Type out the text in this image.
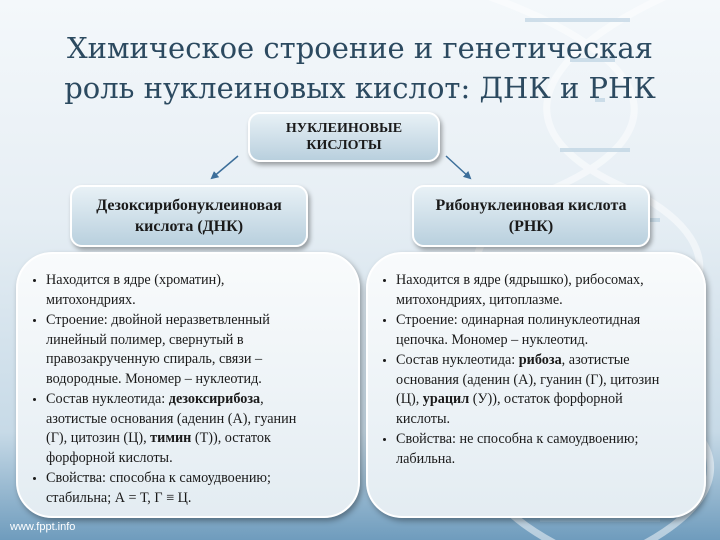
Химическое строение и генетическая
роль нуклеиновых кислот: ДНК и РНК
НУКЛЕИНОВЫЕ
КИСЛОТЫ
Дезоксирибонуклеиновая
кислота (ДНК)
Рибонуклеиновая кислота
(РНК)
• Находится в ядре (хроматин),
митохондриях.
• Строение: двойной неразветвленный
линейный полимер, свернутый в
правозакрученную спираль, связи –
водородные. Мономер – нуклеотид.
• Состав нуклеотида: дезоксирибоза,
азотистые основания (аденин (А), гуанин
(Г), цитозин (Ц), тимин (Т)), остаток
форфорной кислоты.
• Свойства: способна к самоудвоению;
стабильна; А = Т, Г ≡ Ц.
• Находится в ядре (ядрышко), рибосомах,
митохондриях, цитоплазме.
• Строение: одинарная полинуклеотидная
цепочка. Мономер – нуклеотид.
• Состав нуклеотида: рибоза, азотистые
основания (аденин (А), гуанин (Г), цитозин
(Ц), урацил (У)), остаток форфорной
кислоты.
• Свойства: не способна к самоудвоению;
лабильна.
www.fppt.info
